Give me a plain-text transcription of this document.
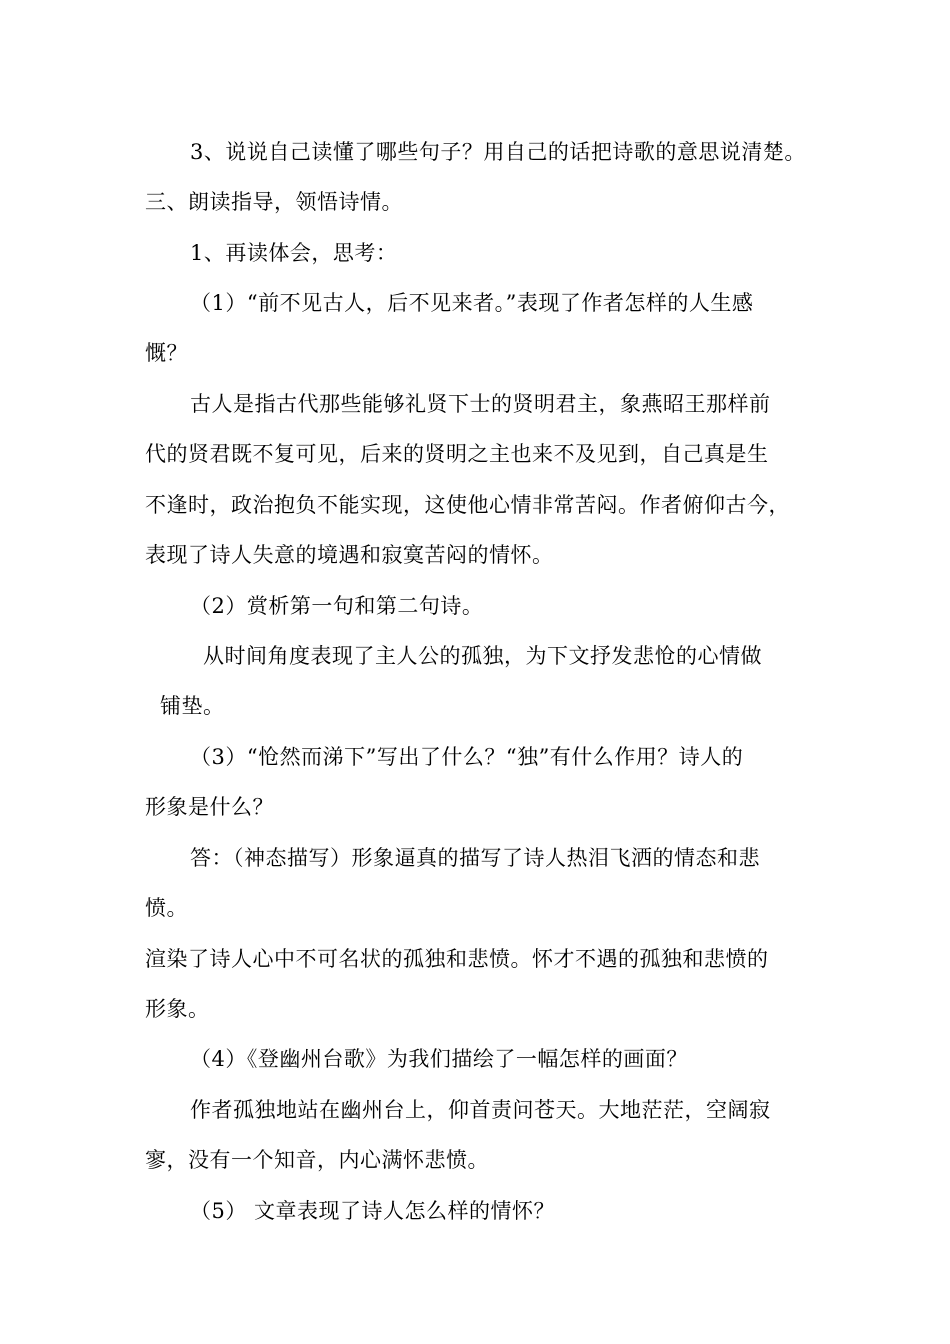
3、说说自己读懂了哪些句子？用自己的话把诗歌的意思说清楚。
三、朗读指导，领悟诗情。
1、再读体会，思考：
（1）“前不见古人，后不见来者。”表现了作者怎样的人生感
慨？
古人是指古代那些能够礼贤下士的贤明君主，象燕昭王那样前
代的贤君既不复可见，后来的贤明之主也来不及见到，自己真是生
不逢时，政治抱负不能实现，这使他心情非常苦闷。作者俯仰古今，
表现了诗人失意的境遇和寂寞苦闷的情怀。
（2）赏析第一句和第二句诗。
从时间角度表现了主人公的孤独，为下文抒发悲怆的心情做
铺垫。
（3）“怆然而涕下”写出了什么？“独”有什么作用？诗人的
形象是什么？
答：（神态描写）形象逼真的描写了诗人热泪飞洒的情态和悲
愤。
渲染了诗人心中不可名状的孤独和悲愤。怀才不遇的孤独和悲愤的
形象。
（4）《登幽州台歌》为我们描绘了一幅怎样的画面？
作者孤独地站在幽州台上，仰首责问苍天。大地茫茫，空阔寂
寥，没有一个知音，内心满怀悲愤。
（5） 文章表现了诗人怎么样的情怀？
